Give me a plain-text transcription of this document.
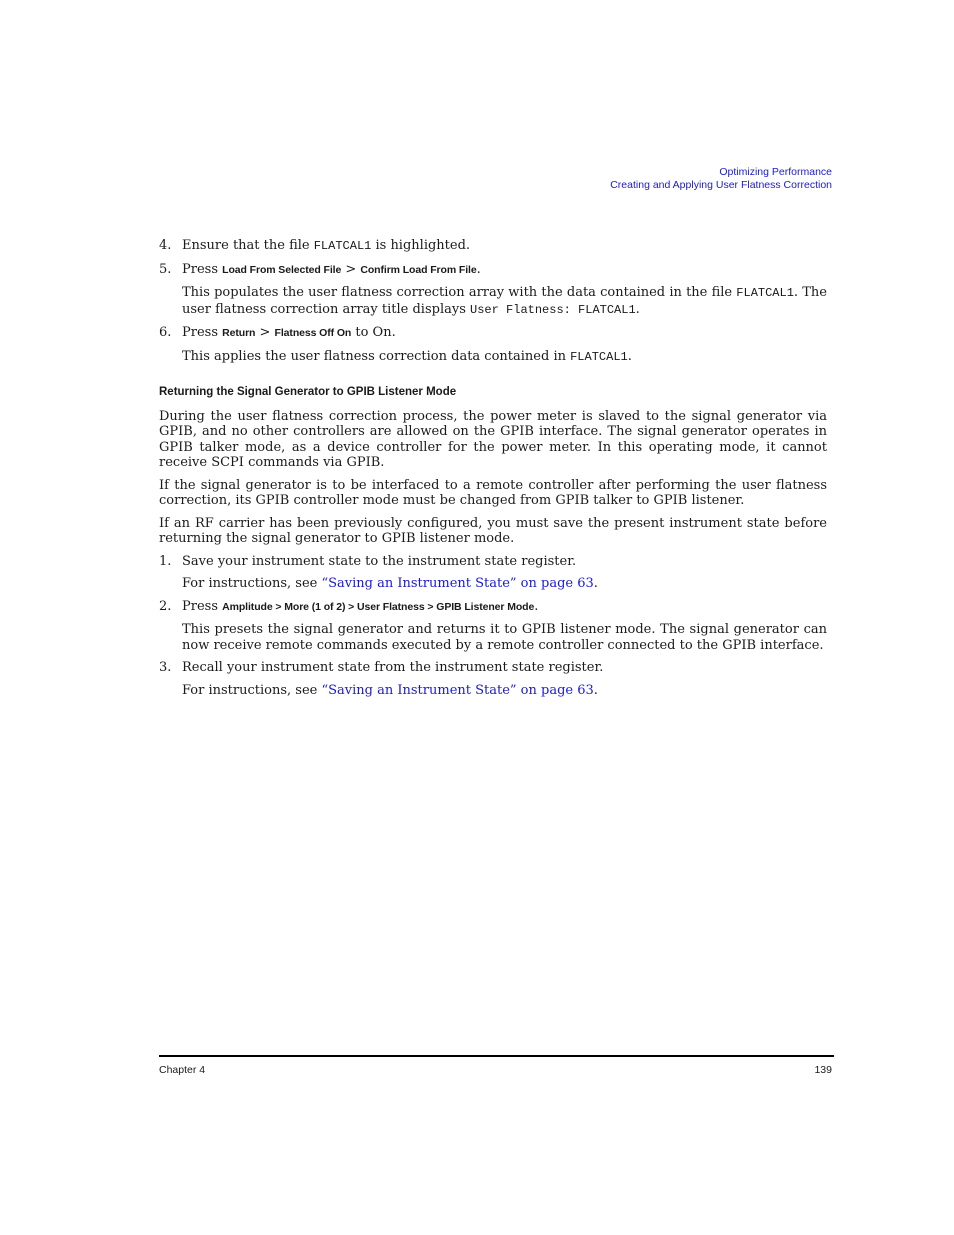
Optimizing Performance
Creating and Applying User Flatness Correction
4. Ensure that the file FLATCAL1 is highlighted.
5. Press Load From Selected File > Confirm Load From File.
This populates the user flatness correction array with the data contained in the file FLATCAL1. The user flatness correction array title displays User Flatness: FLATCAL1.
6. Press Return > Flatness Off On to On.
This applies the user flatness correction data contained in FLATCAL1.
Returning the Signal Generator to GPIB Listener Mode

During the user flatness correction process, the power meter is slaved to the signal generator via GPIB, and no other controllers are allowed on the GPIB interface. The signal generator operates in GPIB talker mode, as a device controller for the power meter. In this operating mode, it cannot receive SCPI commands via GPIB.

If the signal generator is to be interfaced to a remote controller after performing the user flatness correction, its GPIB controller mode must be changed from GPIB talker to GPIB listener.

If an RF carrier has been previously configured, you must save the present instrument state before returning the signal generator to GPIB listener mode.

1. Save your instrument state to the instrument state register.
For instructions, see “Saving an Instrument State” on page 63.
2. Press Amplitude > More (1 of 2) > User Flatness > GPIB Listener Mode.
This presets the signal generator and returns it to GPIB listener mode. The signal generator can now receive remote commands executed by a remote controller connected to the GPIB interface.
3. Recall your instrument state from the instrument state register.
For instructions, see “Saving an Instrument State” on page 63.
Chapter 4	139
